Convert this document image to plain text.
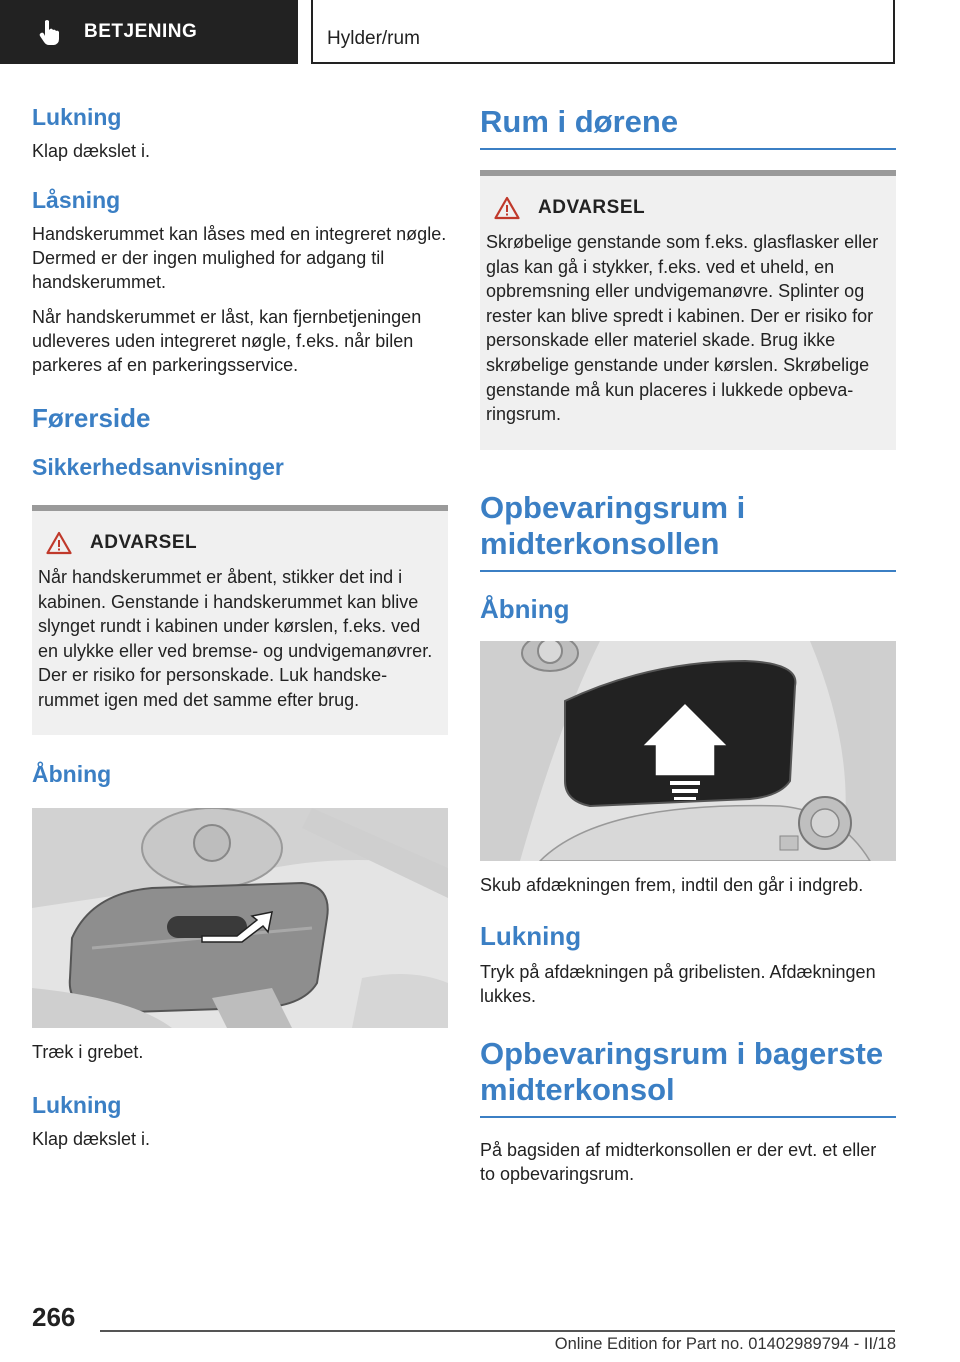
BETJENING	Hylder/rum
Lukning

Klap dækslet i.

Låsning

Handskerummet kan låses med en integreret nøgle. Dermed er der ingen mulighed for adgang til handskerummet.

Når handskerummet er låst, kan fjernbetjeningen udleveres uden integreret nøgle, f.eks. når bilen parkeres af en parkeringsservice.

Førerside
Sikkerhedsanvisninger
ADVARSEL

Når handskerummet er åbent, stikker det ind i kabinen. Genstande i handskerummet kan blive slynget rundt i kabinen under kørslen, f.eks. ved en ulykke eller ved bremse- og undvigemanøvrer. Der er risiko for personskade. Luk handskerummet igen med det samme efter brug.

Åbning

Træk i grebet.

Lukning

Klap dækslet i.

Rum i dørene
ADVARSEL

Skrøbelige genstande som f.eks. glasflasker eller glas kan gå i stykker, f.eks. ved et uheld, en opbremsning eller undvigemanøvre. Splinter og rester kan blive spredt i kabinen. Der er risiko for personskade eller materiel skade. Brug ikke skrøbelige genstande under kørslen. Skrøbelige genstande må kun placeres i lukkede opbevaringsrum.

Opbevaringsrum i midterkonsollen
Åbning

Skub afdækningen frem, indtil den går i indgreb.

Lukning

Tryk på afdækningen på gribelisten. Afdækningen lukkes.

Opbevaringsrum i bagerste midterkonsol

På bagsiden af midterkonsollen er der evt. et eller to opbevaringsrum.

266
Online Edition for Part no. 01402989794 - II/18
